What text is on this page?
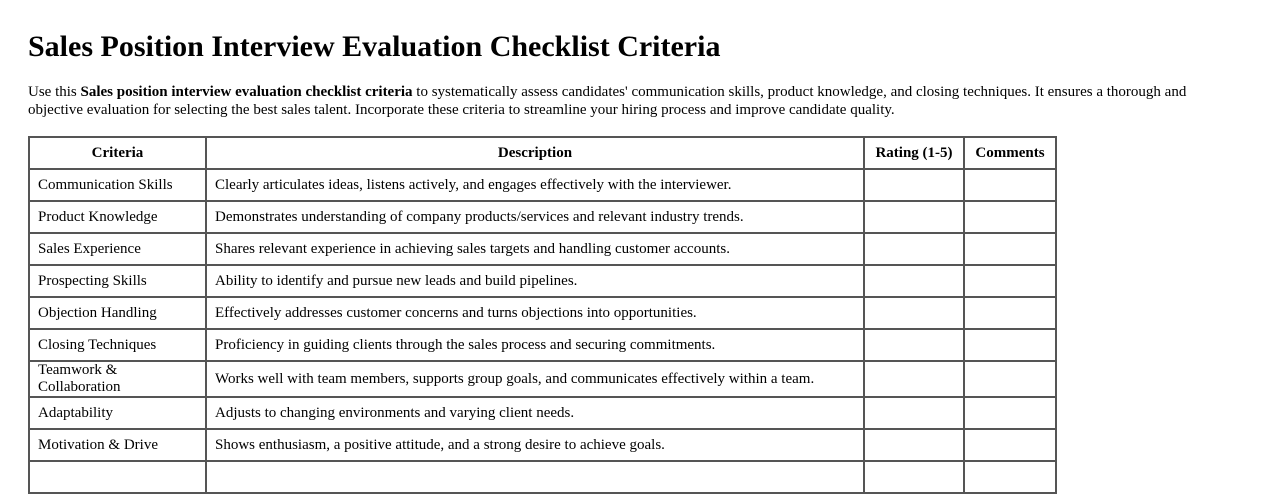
Sales Position Interview Evaluation Checklist Criteria

Use this Sales position interview evaluation checklist criteria to systematically assess candidates' communication skills, product knowledge, and closing techniques. It ensures a thorough and objective evaluation for selecting the best sales talent. Incorporate these criteria to streamline your hiring process and improve candidate quality.

Criteria	Description	Rating (1-5)	Comments
Communication Skills	Clearly articulates ideas, listens actively, and engages effectively with the interviewer.		
Product Knowledge	Demonstrates understanding of company products/services and relevant industry trends.		
Sales Experience	Shares relevant experience in achieving sales targets and handling customer accounts.		
Prospecting Skills	Ability to identify and pursue new leads and build pipelines.		
Objection Handling	Effectively addresses customer concerns and turns objections into opportunities.		
Closing Techniques	Proficiency in guiding clients through the sales process and securing commitments.		
Teamwork & Collaboration	Works well with team members, supports group goals, and communicates effectively within a team.		
Adaptability	Adjusts to changing environments and varying client needs.		
Motivation & Drive	Shows enthusiasm, a positive attitude, and a strong desire to achieve goals.		
